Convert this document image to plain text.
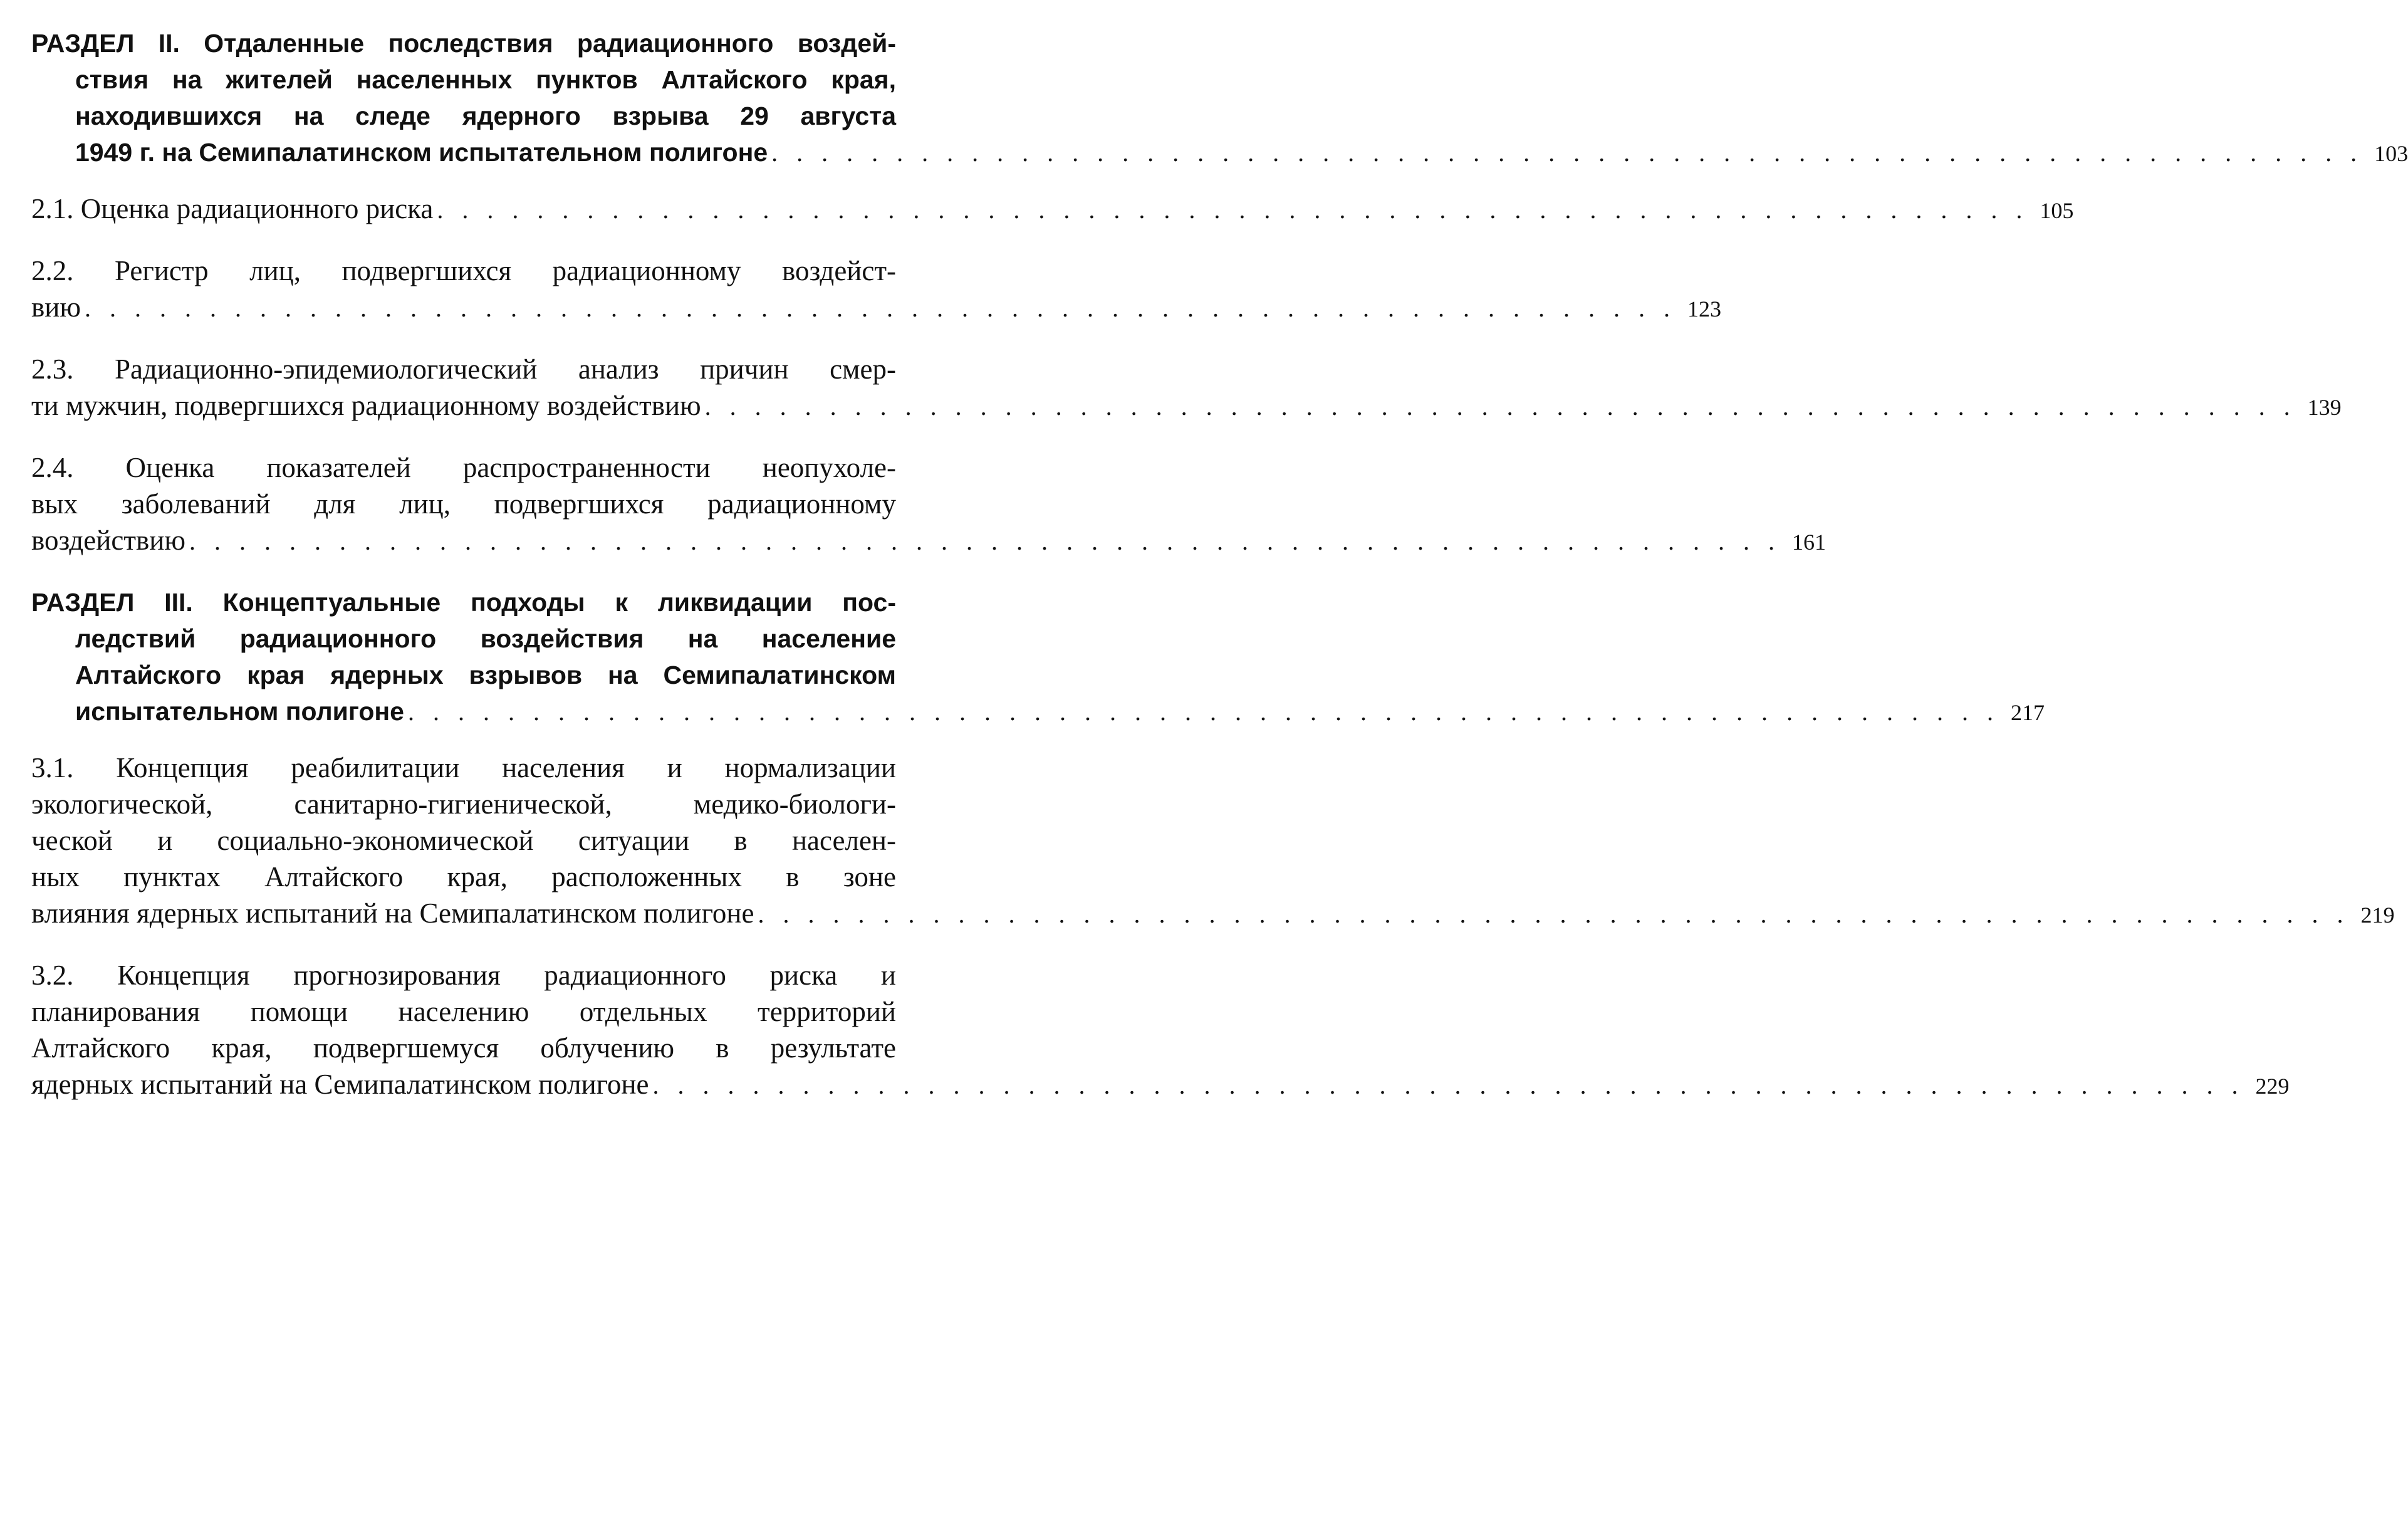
РАЗДЕЛ II. Отдаленные последствия радиационного воздей-
ствия на жителей населенных пунктов Алтайского края,
находившихся на следе ядерного взрыва 29 августа
1949 г. на Семипалатинском испытательном полигоне . . . . . . . . . . . . . . . . . . . . . . . . . . . . . . . . . . . . . . . . . . . . . . . . . . . . . . . . . . . . . . . . 103
2.1. Оценка радиационного риска . . . . . . . . . . . . . . . . . . . . . . . . . . . . . . . . . . . . . . . . . . . . . . . . . . . . . . . . . . . . . . . . 105
2.2. Регистр лиц, подвергшихся радиационному воздейст-
вию . . . . . . . . . . . . . . . . . . . . . . . . . . . . . . . . . . . . . . . . . . . . . . . . . . . . . . . . . . . . . . . . 123
2.3. Радиационно-эпидемиологический анализ причин смер-
ти мужчин, подвергшихся радиационному воздействию . . . . . . . . . . . . . . . . . . . . . . . . . . . . . . . . . . . . . . . . . . . . . . . . . . . . . . . . . . . . . . . . 139
2.4. Оценка показателей распространенности неопухоле-
вых заболеваний для лиц, подвергшихся радиационному
воздействию . . . . . . . . . . . . . . . . . . . . . . . . . . . . . . . . . . . . . . . . . . . . . . . . . . . . . . . . . . . . . . . . 161
РАЗДЕЛ III. Концептуальные подходы к ликвидации пос-
ледствий радиационного воздействия на население
Алтайского края ядерных взрывов на Семипалатинском
испытательном полигоне . . . . . . . . . . . . . . . . . . . . . . . . . . . . . . . . . . . . . . . . . . . . . . . . . . . . . . . . . . . . . . . . 217
3.1. Концепция реабилитации населения и нормализации
экологической, санитарно-гигиенической, медико-биологи-
ческой и социально-экономической ситуации в населен-
ных пунктах Алтайского края, расположенных в зоне
влияния ядерных испытаний на Семипалатинском полигоне . . . . . . . . . . . . . . . . . . . . . . . . . . . . . . . . . . . . . . . . . . . . . . . . . . . . . . . . . . . . . . . . 219
3.2. Концепция прогнозирования радиационного риска и
планирования помощи населению отдельных территорий
Алтайского края, подвергшемуся облучению в результате
ядерных испытаний на Семипалатинском полигоне . . . . . . . . . . . . . . . . . . . . . . . . . . . . . . . . . . . . . . . . . . . . . . . . . . . . . . . . . . . . . . . . 229
